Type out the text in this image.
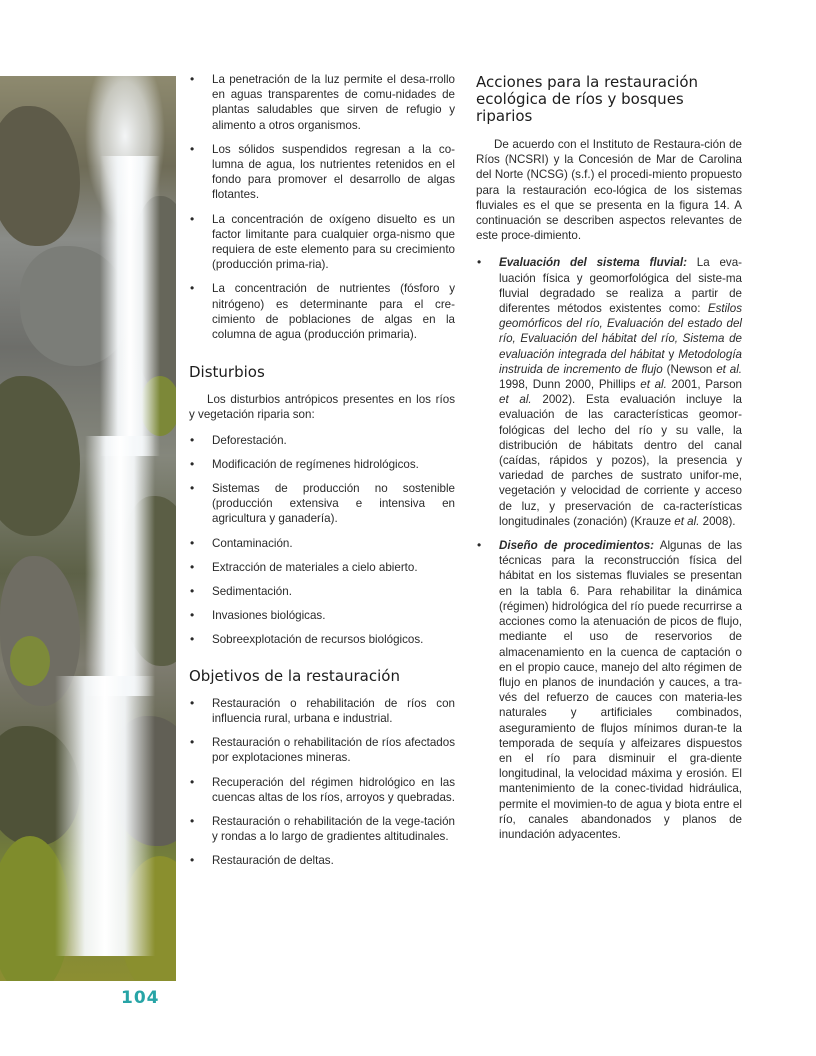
• La penetración de la luz permite el desa-rrollo en aguas transparentes de comu-nidades de plantas saludables que sirven de refugio y alimento a otros organismos.
• Los sólidos suspendidos regresan a la co-lumna de agua, los nutrientes retenidos en el fondo para promover el desarrollo de algas flotantes.
• La concentración de oxígeno disuelto es un factor limitante para cualquier orga-nismo que requiera de este elemento para su crecimiento (producción prima-ria).
• La concentración de nutrientes (fósforo y nitrógeno) es determinante para el cre-cimiento de poblaciones de algas en la columna de agua (producción primaria).
Disturbios

Los disturbios antrópicos presentes en los ríos y vegetación riparia son:

• Deforestación.
• Modificación de regímenes hidrológicos.
• Sistemas de producción no sostenible (producción extensiva e intensiva en agricultura y ganadería).
• Contaminación.
• Extracción de materiales a cielo abierto.
• Sedimentación.
• Invasiones biológicas.
• Sobreexplotación de recursos biológicos.
Objetivos de la restauración
• Restauración o rehabilitación de ríos con influencia rural, urbana e industrial.
• Restauración o rehabilitación de ríos afectados por explotaciones mineras.
• Recuperación del régimen hidrológico en las cuencas altas de los ríos, arroyos y quebradas.
• Restauración o rehabilitación de la vege-tación y rondas a lo largo de gradientes altitudinales.
• Restauración de deltas.
Acciones para la restauración ecológica de ríos y bosques riparios

De acuerdo con el Instituto de Restaura-ción de Ríos (NCSRI) y la Concesión de Mar de Carolina del Norte (NCSG) (s.f.) el procedi-miento propuesto para la restauración eco-lógica de los sistemas fluviales es el que se presenta en la figura 14. A continuación se describen aspectos relevantes de este proce-dimiento.

• Evaluación del sistema fluvial: La eva-luación física y geomorfológica del siste-ma fluvial degradado se realiza a partir de diferentes métodos existentes como: Estilos geomórficos del río, Evaluación del estado del río, Evaluación del hábitat del río, Sistema de evaluación integrada del hábitat y Metodología instruida de incremento de flujo (Newson et al. 1998, Dunn 2000, Phillips et al. 2001, Parson et al. 2002). Esta evaluación incluye la evaluación de las características geomor-fológicas del lecho del río y su valle, la distribución de hábitats dentro del canal (caídas, rápidos y pozos), la presencia y variedad de parches de sustrato unifor-me, vegetación y velocidad de corriente y acceso de luz, y preservación de ca-racterísticas longitudinales (zonación) (Krauze et al. 2008).
• Diseño de procedimientos: Algunas de las técnicas para la reconstrucción física del hábitat en los sistemas fluviales se presentan en la tabla 6. Para rehabilitar la dinámica (régimen) hidrológica del río puede recurrirse a acciones como la atenuación de picos de flujo, mediante el uso de reservorios de almacenamiento en la cuenca de captación o en el propio cauce, manejo del alto régimen de flujo en planos de inundación y cauces, a tra-vés del refuerzo de cauces con materia-les naturales y artificiales combinados, aseguramiento de flujos mínimos duran-te la temporada de sequía y alfeizares dispuestos en el río para disminuir el gra-diente longitudinal, la velocidad máxima y erosión. El mantenimiento de la conec-tividad hidráulica, permite el movimien-to de agua y biota entre el río, canales abandonados y planos de inundación adyacentes.
104
